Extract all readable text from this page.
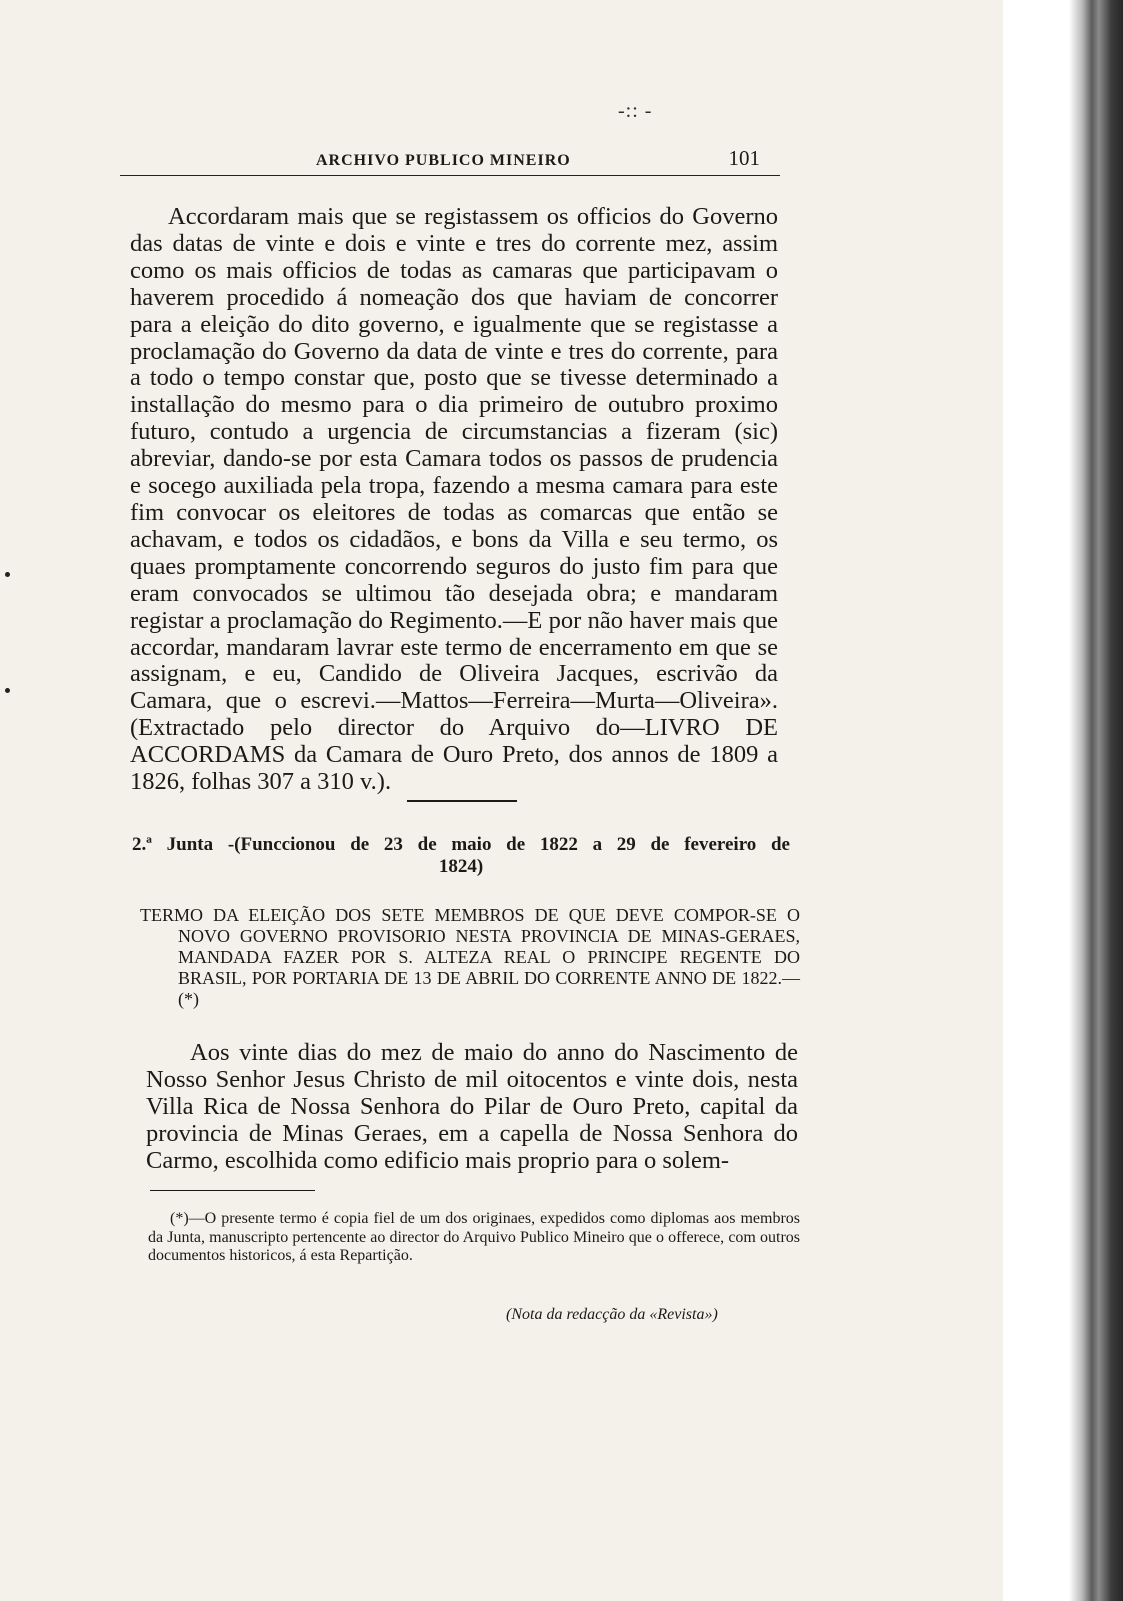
-:: -
ARCHIVO PUBLICO MINEIRO	101

Accordaram mais que se registassem os officios do Governo das datas de vinte e dois e vinte e tres do corrente mez, assim como os mais officios de todas as camaras que participavam o haverem procedido á nomeação dos que haviam de concorrer para a eleição do dito governo, e igualmente que se registasse a proclamação do Governo da data de vinte e tres do corrente, para a todo o tempo constar que, posto que se tivesse determinado a installação do mesmo para o dia primeiro de outubro proximo futuro, contudo a urgencia de circumstancias a fizeram (sic) abreviar, dando-se por esta Camara todos os passos de prudencia e socego auxiliada pela tropa, fazendo a mesma camara para este fim convocar os eleitores de todas as comarcas que então se achavam, e todos os cidadãos, e bons da Villa e seu termo, os quaes promptamente concorrendo seguros do justo fim para que eram convocados se ultimou tão desejada obra; e mandaram registar a proclamação do Regimento.—E por não haver mais que accordar, mandaram lavrar este termo de encerramento em que se assignam, e eu, Candido de Oliveira Jacques, escrivão da Camara, que o escrevi.—Mattos—Ferreira—Murta—Oliveira». (Extractado pelo director do Arquivo do—LIVRO DE ACCORDAMS da Camara de Ouro Preto, dos annos de 1809 a 1826, folhas 307 a 310 v.).

2.ª Junta -(Funccionou de 23 de maio de 1822 a 29 de fevereiro de
1824)
TERMO DA ELEIÇÃO DOS SETE MEMBROS DE QUE DEVE COMPOR-SE O NOVO GOVERNO PROVISORIO NESTA PROVINCIA DE MINAS-GERAES, MANDADA FAZER POR S. ALTEZA REAL O PRINCIPE REGENTE DO BRASIL, POR PORTARIA DE 13 DE ABRIL DO CORRENTE ANNO DE 1822.—(*)

Aos vinte dias do mez de maio do anno do Nascimento de Nosso Senhor Jesus Christo de mil oitocentos e vinte dois, nesta Villa Rica de Nossa Senhora do Pilar de Ouro Preto, capital da provincia de Minas Geraes, em a capella de Nossa Senhora do Carmo, escolhida como edificio mais proprio para o solem-

(*)—O presente termo é copia fiel de um dos originaes, expedidos como diplomas aos membros da Junta, manuscripto pertencente ao director do Arquivo Publico Mineiro que o offerece, com outros documentos historicos, á esta Repartição.

(Nota da redacção da «Revista»)
